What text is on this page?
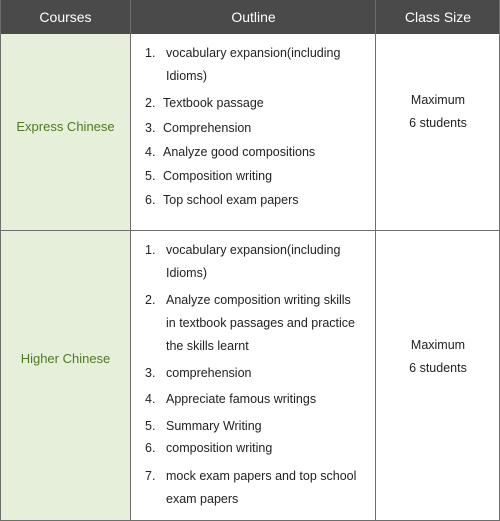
Courses	Outline	Class Size
Express Chinese
1. vocabulary expansion(including
Idioms)
2. Textbook passage
3. Comprehension
4. Analyze good compositions
5. Composition writing
6. Top school exam papers
Maximum
6 students
Higher Chinese
1. vocabulary expansion(including
Idioms)
2. Analyze composition writing skills
in textbook passages and practice
the skills learnt
3. comprehension
4. Appreciate famous writings
5. Summary Writing
6. composition writing
7. mock exam papers and top school
exam papers
Maximum
6 students
